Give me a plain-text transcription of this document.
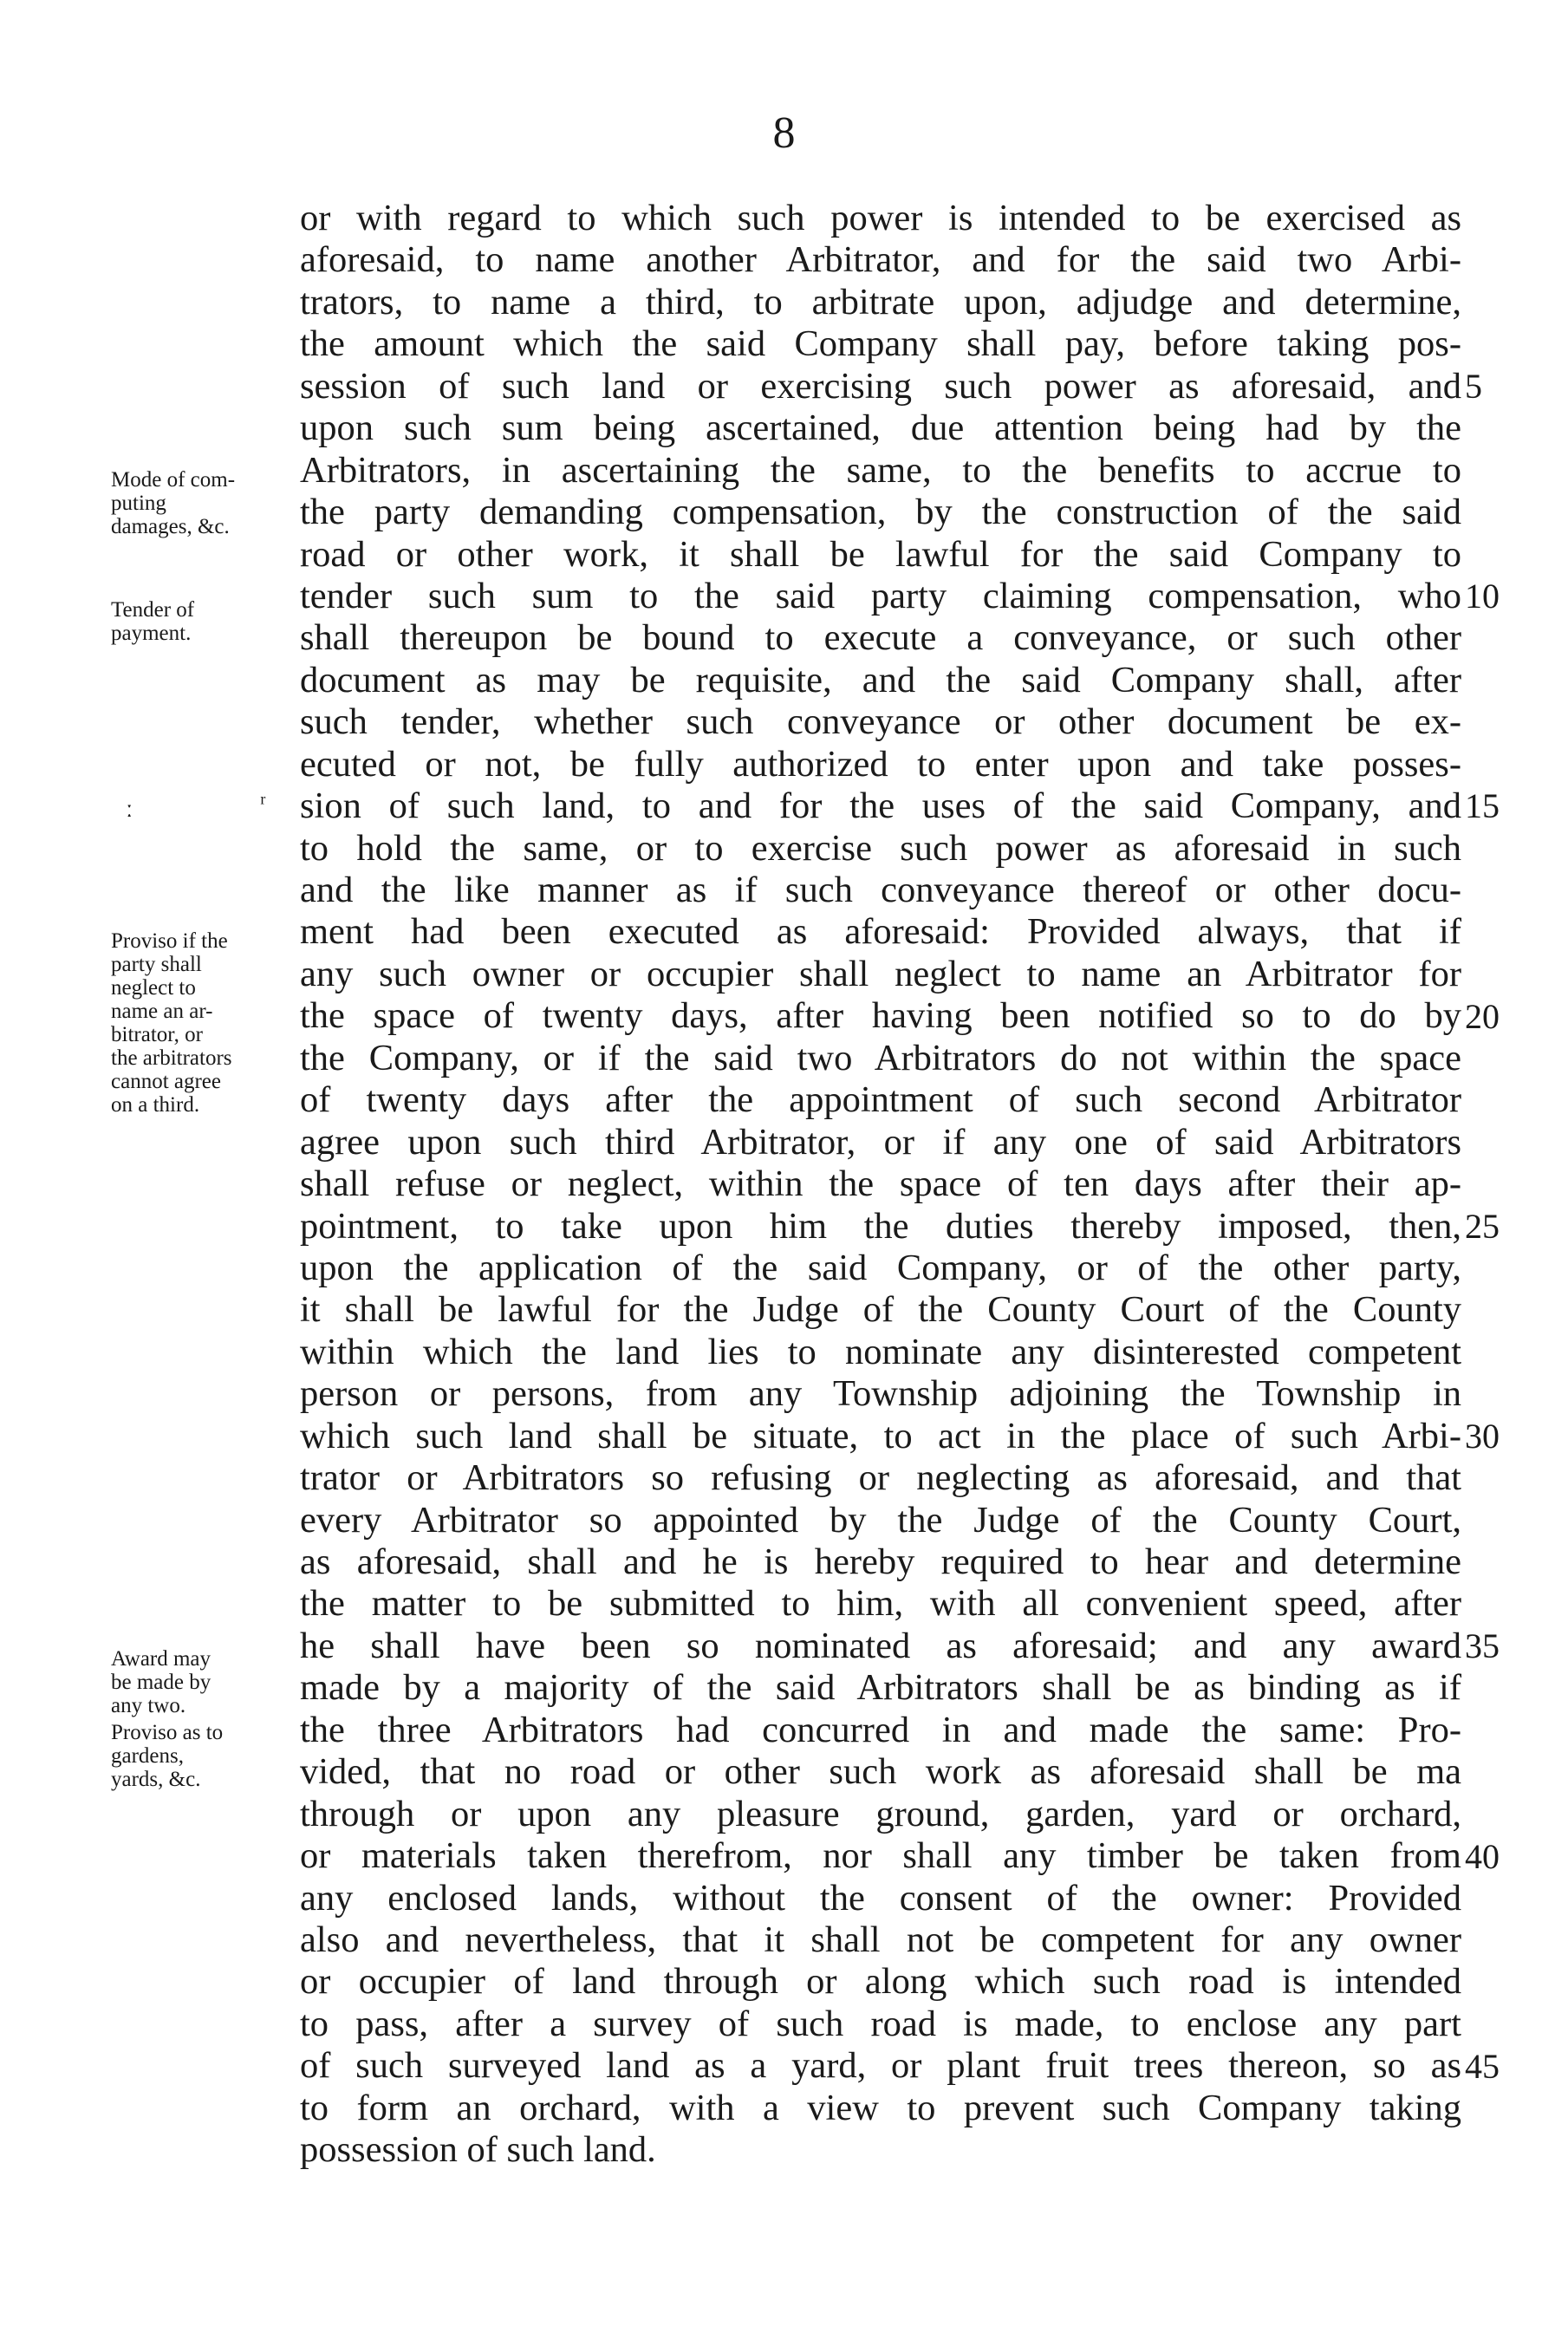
8
or with regard to which such power is intended to be exercised as
aforesaid, to name another Arbitrator, and for the said two Arbi-
trators, to name a third, to arbitrate upon, adjudge and determine,
the amount which the said Company shall pay, before taking pos-
session of such land or exercising such power as aforesaid, and
upon such sum being ascertained, due attention being had by the
Arbitrators, in ascertaining the same, to the benefits to accrue to
the party demanding compensation, by the construction of the said
road or other work, it shall be lawful for the said Company to
tender such sum to the said party claiming compensation, who
shall thereupon be bound to execute a conveyance, or such other
document as may be requisite, and the said Company shall, after
such tender, whether such conveyance or other document be ex-
ecuted or not, be fully authorized to enter upon and take posses-
sion of such land, to and for the uses of the said Company, and
to hold the same, or to exercise such power as aforesaid in such
and the like manner as if such conveyance thereof or other docu-
ment had been executed as aforesaid: Provided always, that if
any such owner or occupier shall neglect to name an Arbitrator for
the space of twenty days, after having been notified so to do by
the Company, or if the said two Arbitrators do not within the space
of twenty days after the appointment of such second Arbitrator
agree upon such third Arbitrator, or if any one of said Arbitrators
shall refuse or neglect, within the space of ten days after their ap-
pointment, to take upon him the duties thereby imposed, then,
upon the application of the said Company, or of the other party,
it shall be lawful for the Judge of the County Court of the County
within which the land lies to nominate any disinterested competent
person or persons, from any Township adjoining the Township in
which such land shall be situate, to act in the place of such Arbi-
trator or Arbitrators so refusing or neglecting as aforesaid, and that
every Arbitrator so appointed by the Judge of the County Court,
as aforesaid, shall and he is hereby required to hear and determine
the matter to be submitted to him, with all convenient speed, after
he shall have been so nominated as aforesaid; and any award
made by a majority of the said Arbitrators shall be as binding as if
the three Arbitrators had concurred in and made the same: Pro-
vided, that no road or other such work as aforesaid shall be ma
through or upon any pleasure ground, garden, yard or orchard,
or materials taken therefrom, nor shall any timber be taken from
any enclosed lands, without the consent of the owner: Provided
also and nevertheless, that it shall not be competent for any owner
or occupier of land through or along which such road is intended
to pass, after a survey of such road is made, to enclose any part
of such surveyed land as a yard, or plant fruit trees thereon, so as
to form an orchard, with a view to prevent such Company taking
possession of such land.
5
10
15
20
25
30
35
40
45
Mode of com-
puting
damages, &c.
Tender of
payment.
Proviso if the
party shall
neglect to
name an ar-
bitrator, or
the arbitrators
cannot agree
on a third.
Award may
be made by
any two.
Proviso as to
gardens,
yards, &c.
ː	ʳ
